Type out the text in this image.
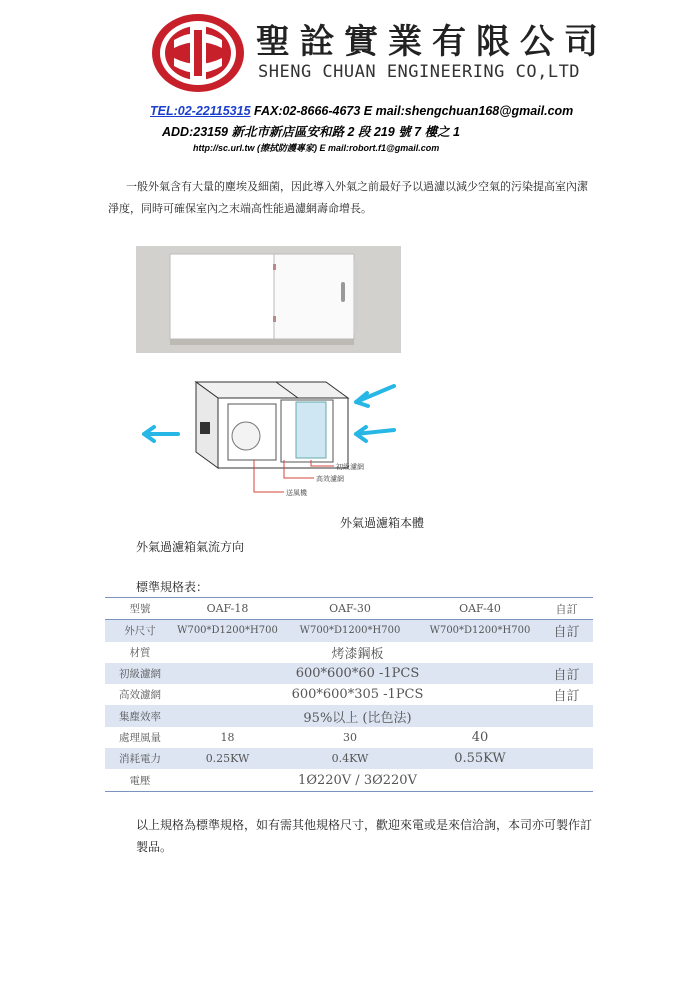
聖詮實業有限公司
SHENG CHUAN ENGINEERING CO,LTD
TEL:02-22115315 FAX:02-8666-4673 E mail:shengchuan168@gmail.com
ADD:23159 新北市新店區安和路 2 段 219 號 7 樓之 1
http://sc.url.tw (擦拭防護專家) E mail:robort.f1@gmail.com
一般外氣含有大量的塵埃及細菌，因此導入外氣之前最好予以過濾以減少空氣的污染提高室內潔淨度，同時可確保室內之末端高性能過濾網壽命增長。
初級濾網
高效濾網
送風機
外氣過濾箱本體
外氣過濾箱氣流方向
標準規格表：
型號	OAF-18	OAF-30	OAF-40	自訂
外尺寸	W700*D1200*H700	W700*D1200*H700	W700*D1200*H700	自訂
材質	烤漆鋼板			
初級濾網	600*600*60 -1PCS			自訂
高效濾網	600*600*305 -1PCS			自訂
集塵效率	95%以上 (比色法)			
處理風量	18	30	40	
消耗電力	0.25KW	0.4KW	0.55KW	
電壓	1Ø220V / 3Ø220V			
以上規格為標準規格，如有需其他規格尺寸，歡迎來電或是來信洽詢，本司亦可製作訂製品。
